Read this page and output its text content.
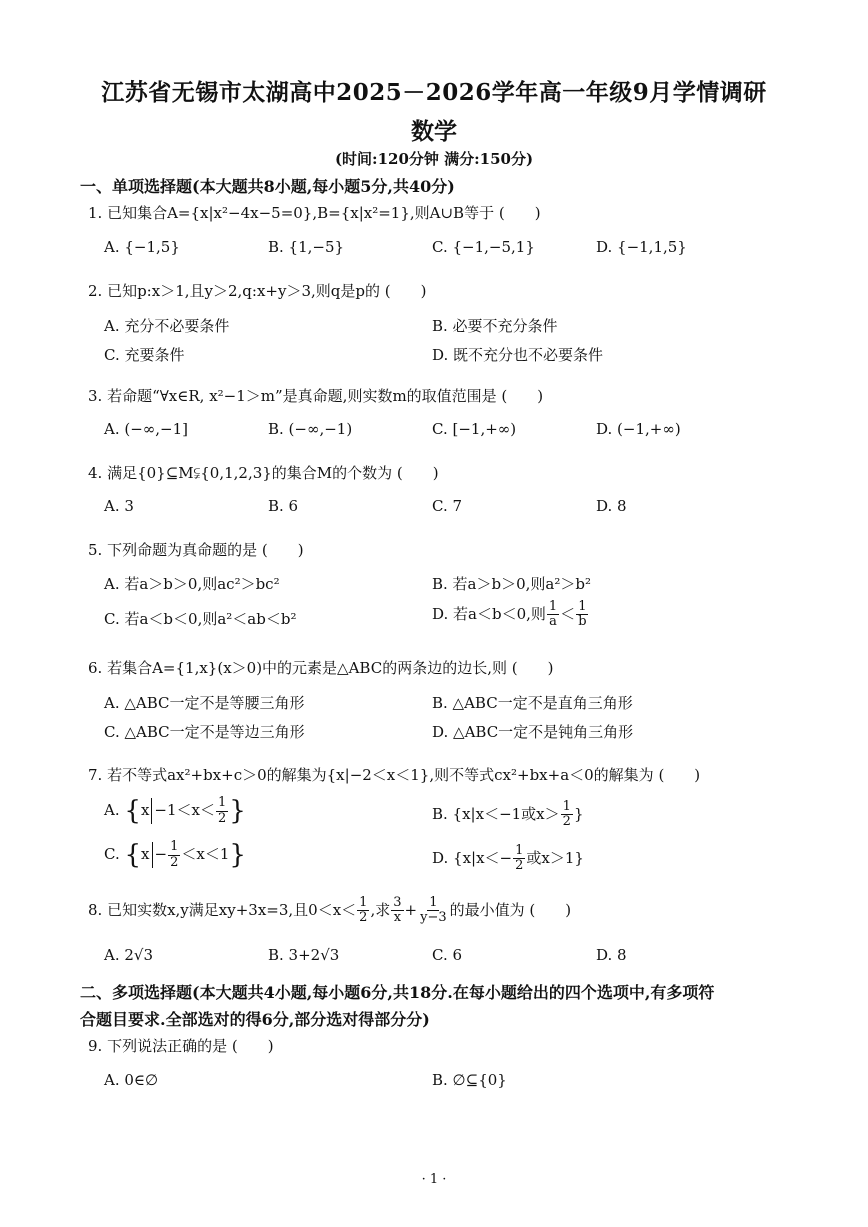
江苏省无锡市太湖高中2025－2026学年高一年级9月学情调研
数学
(时间:120分钟 满分:150分)
一、单项选择题(本大题共8小题,每小题5分,共40分)
1. 已知集合A={x|x²−4x−5=0},B={x|x²=1},则A∪B等于 (　　)
A. {−1,5}	B. {1,−5}	C. {−1,−5,1}	D. {−1,1,5}
2. 已知p:x＞1,且y＞2,q:x+y＞3,则q是p的 (　　)
A. 充分不必要条件	B. 必要不充分条件
C. 充要条件	D. 既不充分也不必要条件
3. 若命题“∀x∈R, x²−1＞m”是真命题,则实数m的取值范围是 (　　)
A. (−∞,−1]	B. (−∞,−1)	C. [−1,+∞)	D. (−1,+∞)
4. 满足{0}⊆M⫋{0,1,2,3}的集合M的个数为 (　　)
A. 3	B. 6	C. 7	D. 8
5. 下列命题为真命题的是 (　　)
A. 若a＞b＞0,则ac²＞bc²	B. 若a＞b＞0,则a²＞b²
C. 若a＜b＜0,则a²＜ab＜b²	D. 若a＜b＜0,则 $\frac{1}{a} < \frac{1}{b}$
6. 若集合A={1,x}(x＞0)中的元素是△ABC的两条边的边长,则 (　　)
A. △ABC一定不是等腰三角形	B. △ABC一定不是直角三角形
C. △ABC一定不是等边三角形	D. △ABC一定不是钝角三角形
7. 若不等式ax²+bx+c＞0的解集为{x|−2＜x＜1},则不等式cx²+bx+a＜0的解集为 (　　)
A. {$x -1<x< \frac{1}{2}$ }	B. {x|x＜−1或$x> \frac{1}{2}$ }
C. $\{x - \frac{1}{2} <x<1\}$	D. {$x|x<- \frac{1}{2}$ 或x＞1}
8. 已知实数x,y满足xy+3x=3,且$0<x< \frac{1}{2}$ ,求 $\frac{3}{x} + \frac{1}{y-3}$ 的最小值为 (　　)
A. 2√3	B. 3+2√3	C. 6	D. 8
二、多项选择题(本大题共4小题,每小题6分,共18分.在每小题给出的四个选项中,有多项符
合题目要求.全部选对的得6分,部分选对得部分分)
9. 下列说法正确的是 (　　)
A. 0∈∅	B. ∅⊆{0}
· 1 ·
